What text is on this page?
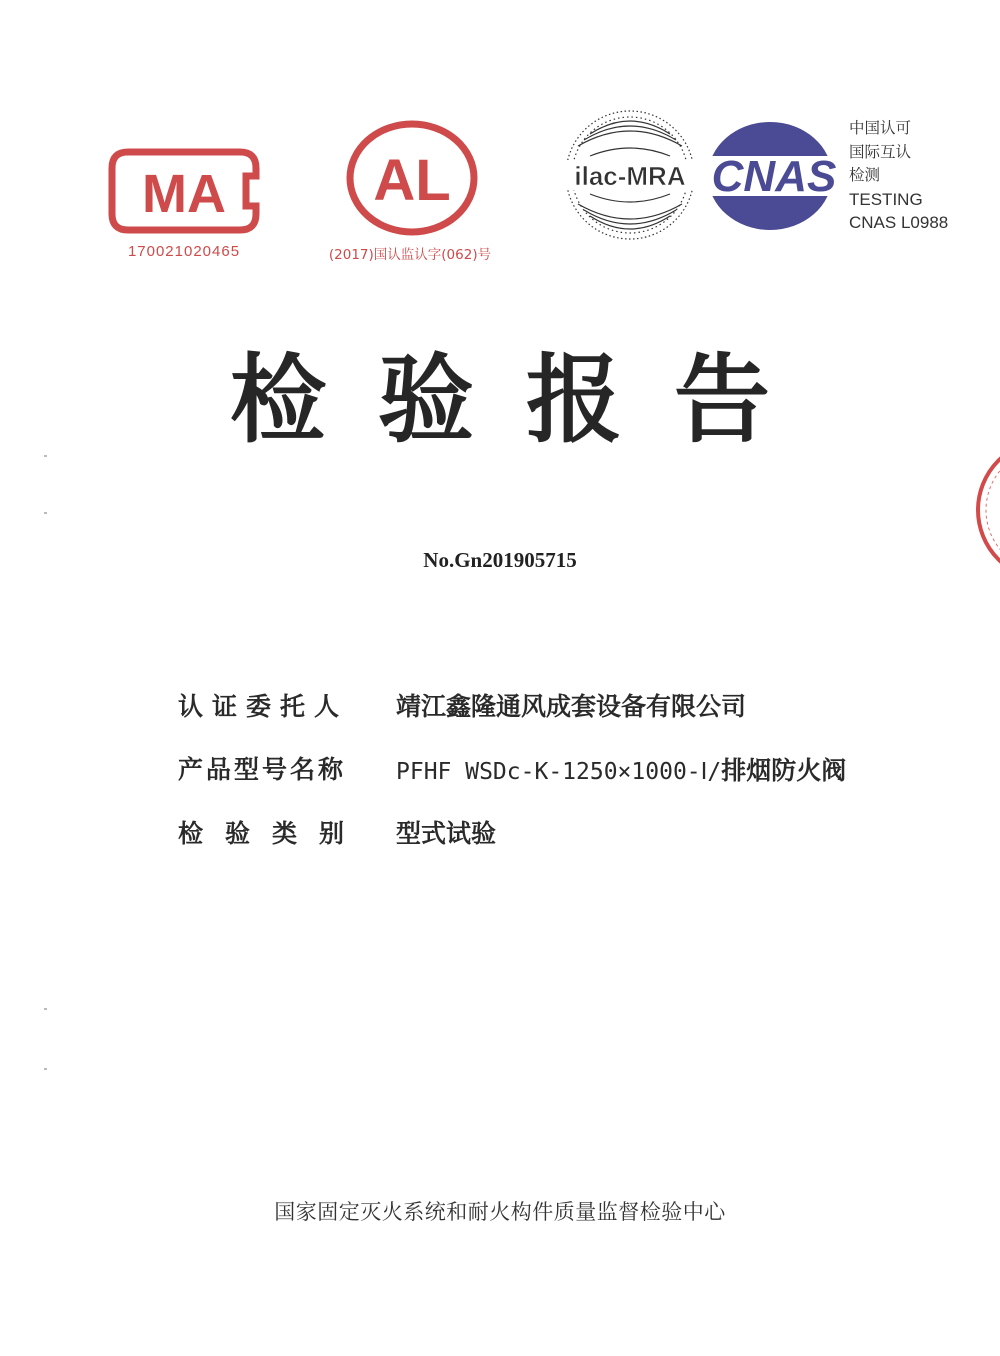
MA
170021020465
AL
(2017)国认监认字(062)号
ilac-MRA CNAS
中国认可
国际互认
检测
TESTING
CNAS L0988
检验报告
No.Gn201905715
认证委托人 靖江鑫隆通风成套设备有限公司
产品型号名称 PFHF WSDc-K-1250×1000-Ⅰ/排烟防火阀
检验类别 型式试验
国家固定灭火系统和耐火构件质量监督检验中心
